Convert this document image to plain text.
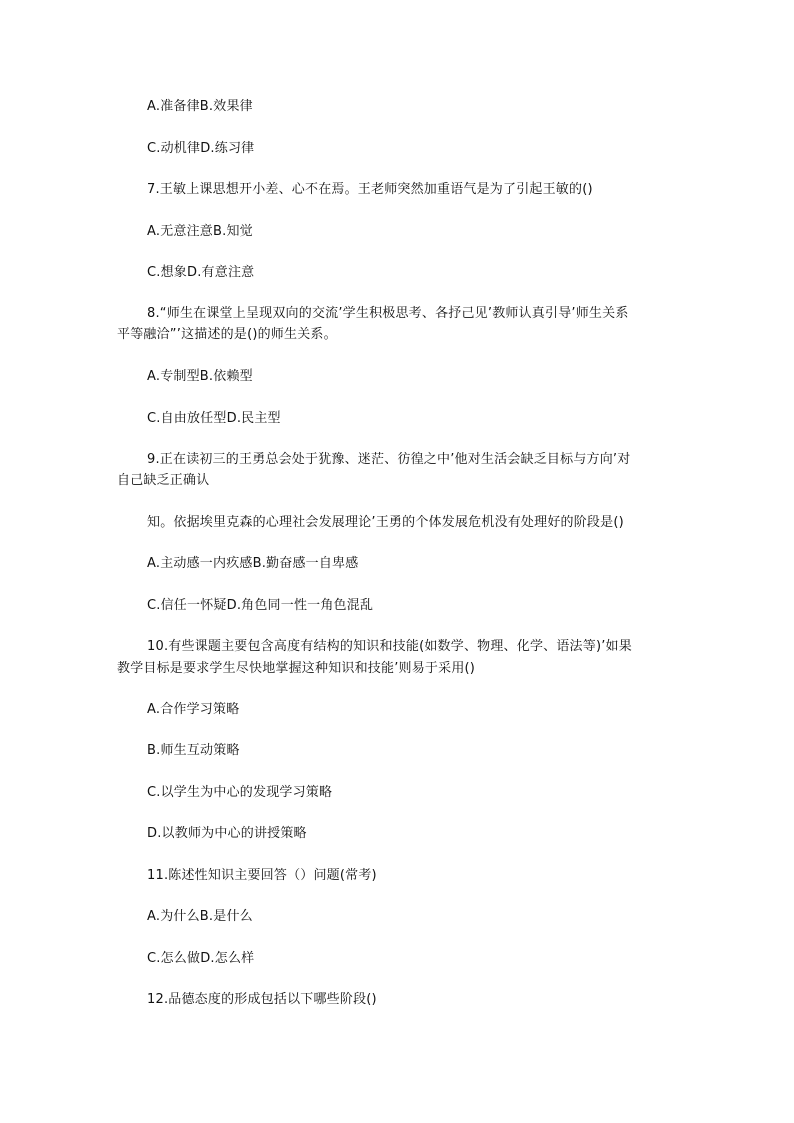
A.准备律B.效果律
C.动机律D.练习律
7.王敏上课思想开小差、心不在焉。王老师突然加重语气是为了引起王敏的()
A.无意注意B.知觉
C.想象D.有意注意
8.“师生在课堂上呈现双向的交流’学生积极思考、各抒己见’教师认真引导’师生关系
平等融洽”’这描述的是()的师生关系。
A.专制型B.依赖型
C.自由放任型D.民主型
9.正在读初三的王勇总会处于犹豫、迷茫、彷徨之中’他对生活会缺乏目标与方向’对
自己缺乏正确认
知。依据埃里克森的心理社会发展理论’王勇的个体发展危机没有处理好的阶段是()
A.主动感一内疚感B.勤奋感一自卑感
C.信任一怀疑D.角色同一性一角色混乱
10.有些课题主要包含高度有结构的知识和技能(如数学、物理、化学、语法等)’如果
教学目标是要求学生尽快地掌握这种知识和技能’则易于采用()
A.合作学习策略
B.师生互动策略
C.以学生为中心的发现学习策略
D.以教师为中心的讲授策略
11.陈述性知识主要回答（）问题(常考)
A.为什么B.是什么
C.怎么做D.怎么样
12.品德态度的形成包括以下哪些阶段()
